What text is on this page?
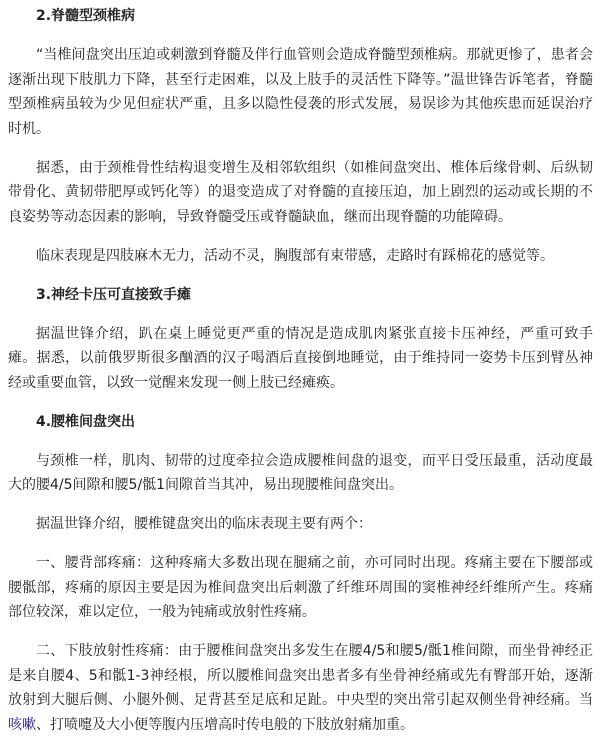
2.脊髓型颈椎病

“当椎间盘突出压迫或刺激到脊髓及伴行血管则会造成脊髓型颈椎病。那就更惨了，患者会逐渐出现下肢肌力下降，甚至行走困难，以及上肢手的灵活性下降等。”温世锋告诉笔者，脊髓型颈椎病虽较为少见但症状严重，且多以隐性侵袭的形式发展，易误诊为其他疾患而延误治疗时机。

据悉，由于颈椎骨性结构退变增生及相邻软组织（如椎间盘突出、椎体后缘骨刺、后纵韧带骨化、黄韧带肥厚或钙化等）的退变造成了对脊髓的直接压迫，加上剧烈的运动或长期的不良姿势等动态因素的影响，导致脊髓受压或脊髓缺血，继而出现脊髓的功能障碍。

临床表现是四肢麻木无力，活动不灵，胸腹部有束带感，走路时有踩棉花的感觉等。

3.神经卡压可直接致手瘫

据温世锋介绍，趴在桌上睡觉更严重的情况是造成肌肉紧张直接卡压神经，严重可致手瘫。据悉，以前俄罗斯很多酗酒的汉子喝酒后直接倒地睡觉，由于维持同一姿势卡压到臂丛神经或重要血管，以致一觉醒来发现一侧上肢已经瘫痪。

4.腰椎间盘突出

与颈椎一样，肌肉、韧带的过度牵拉会造成腰椎间盘的退变，而平日受压最重，活动度最大的腰4/5间隙和腰5/骶1间隙首当其冲，易出现腰椎间盘突出。

据温世锋介绍，腰椎键盘突出的临床表现主要有两个：

一、腰背部疼痛：这种疼痛大多数出现在腿痛之前，亦可同时出现。疼痛主要在下腰部或腰骶部，疼痛的原因主要是因为椎间盘突出后刺激了纤维环周围的窦椎神经纤维所产生。疼痛部位较深，难以定位，一般为钝痛或放射性疼痛。

二、下肢放射性疼痛：由于腰椎间盘突出多发生在腰4/5和腰5/骶1椎间隙，而坐骨神经正是来自腰4、5和骶1-3神经根，所以腰椎间盘突出患者多有坐骨神经痛或先有臀部开始，逐渐放射到大腿后侧、小腿外侧、足背甚至足底和足趾。中央型的突出常引起双侧坐骨神经痛。当咳嗽、打喷嚏及大小便等腹内压增高时传电般的下肢放射痛加重。
